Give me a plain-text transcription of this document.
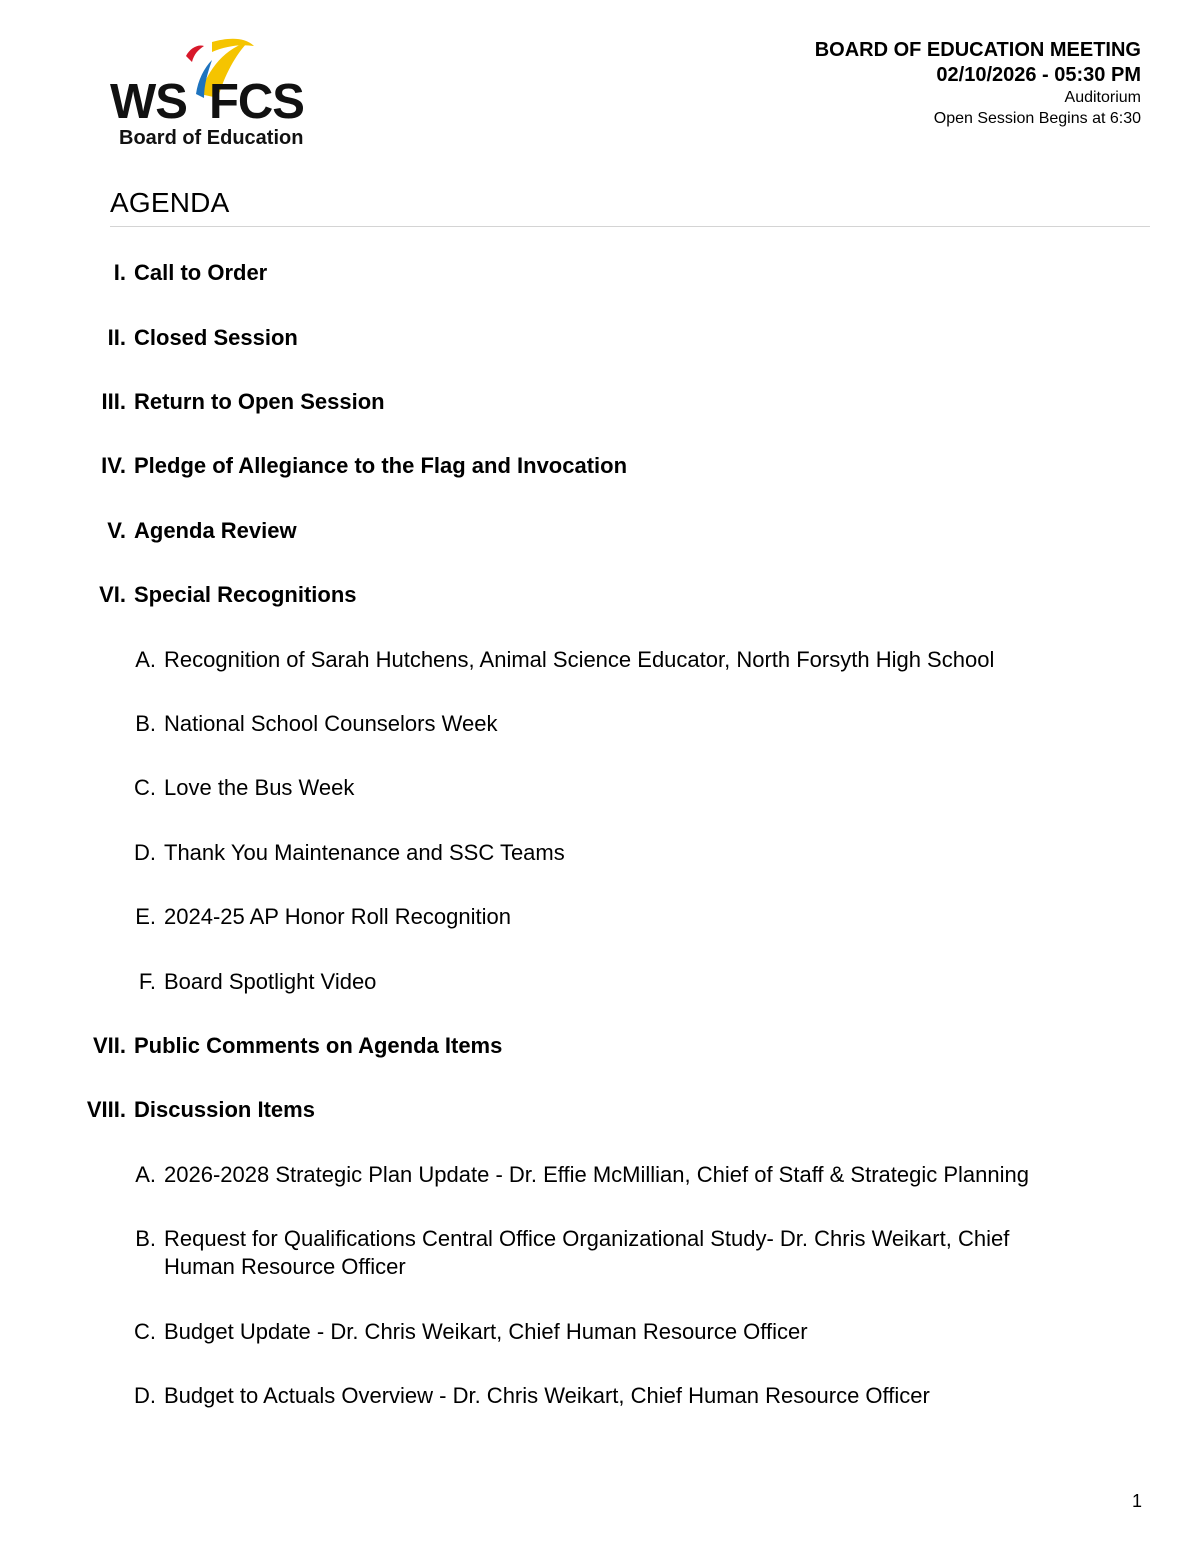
WS FCS
Board of Education
BOARD OF EDUCATION MEETING
02/10/2026 - 05:30 PM
Auditorium
Open Session Begins at 6:30
AGENDA
I. Call to Order
II. Closed Session
III. Return to Open Session
IV. Pledge of Allegiance to the Flag and Invocation
V. Agenda Review
VI. Special Recognitions
A. Recognition of Sarah Hutchens, Animal Science Educator, North Forsyth High School
B. National School Counselors Week
C. Love the Bus Week
D. Thank You Maintenance and SSC Teams
E. 2024-25 AP Honor Roll Recognition
F. Board Spotlight Video
VII. Public Comments on Agenda Items
VIII. Discussion Items
A. 2026-2028 Strategic Plan Update - Dr. Effie McMillian, Chief of Staff & Strategic Planning
B. Request for Qualifications Central Office Organizational Study- Dr. Chris Weikart, Chief
Human Resource Officer
C. Budget Update - Dr. Chris Weikart, Chief Human Resource Officer
D. Budget to Actuals Overview - Dr. Chris Weikart, Chief Human Resource Officer
1
